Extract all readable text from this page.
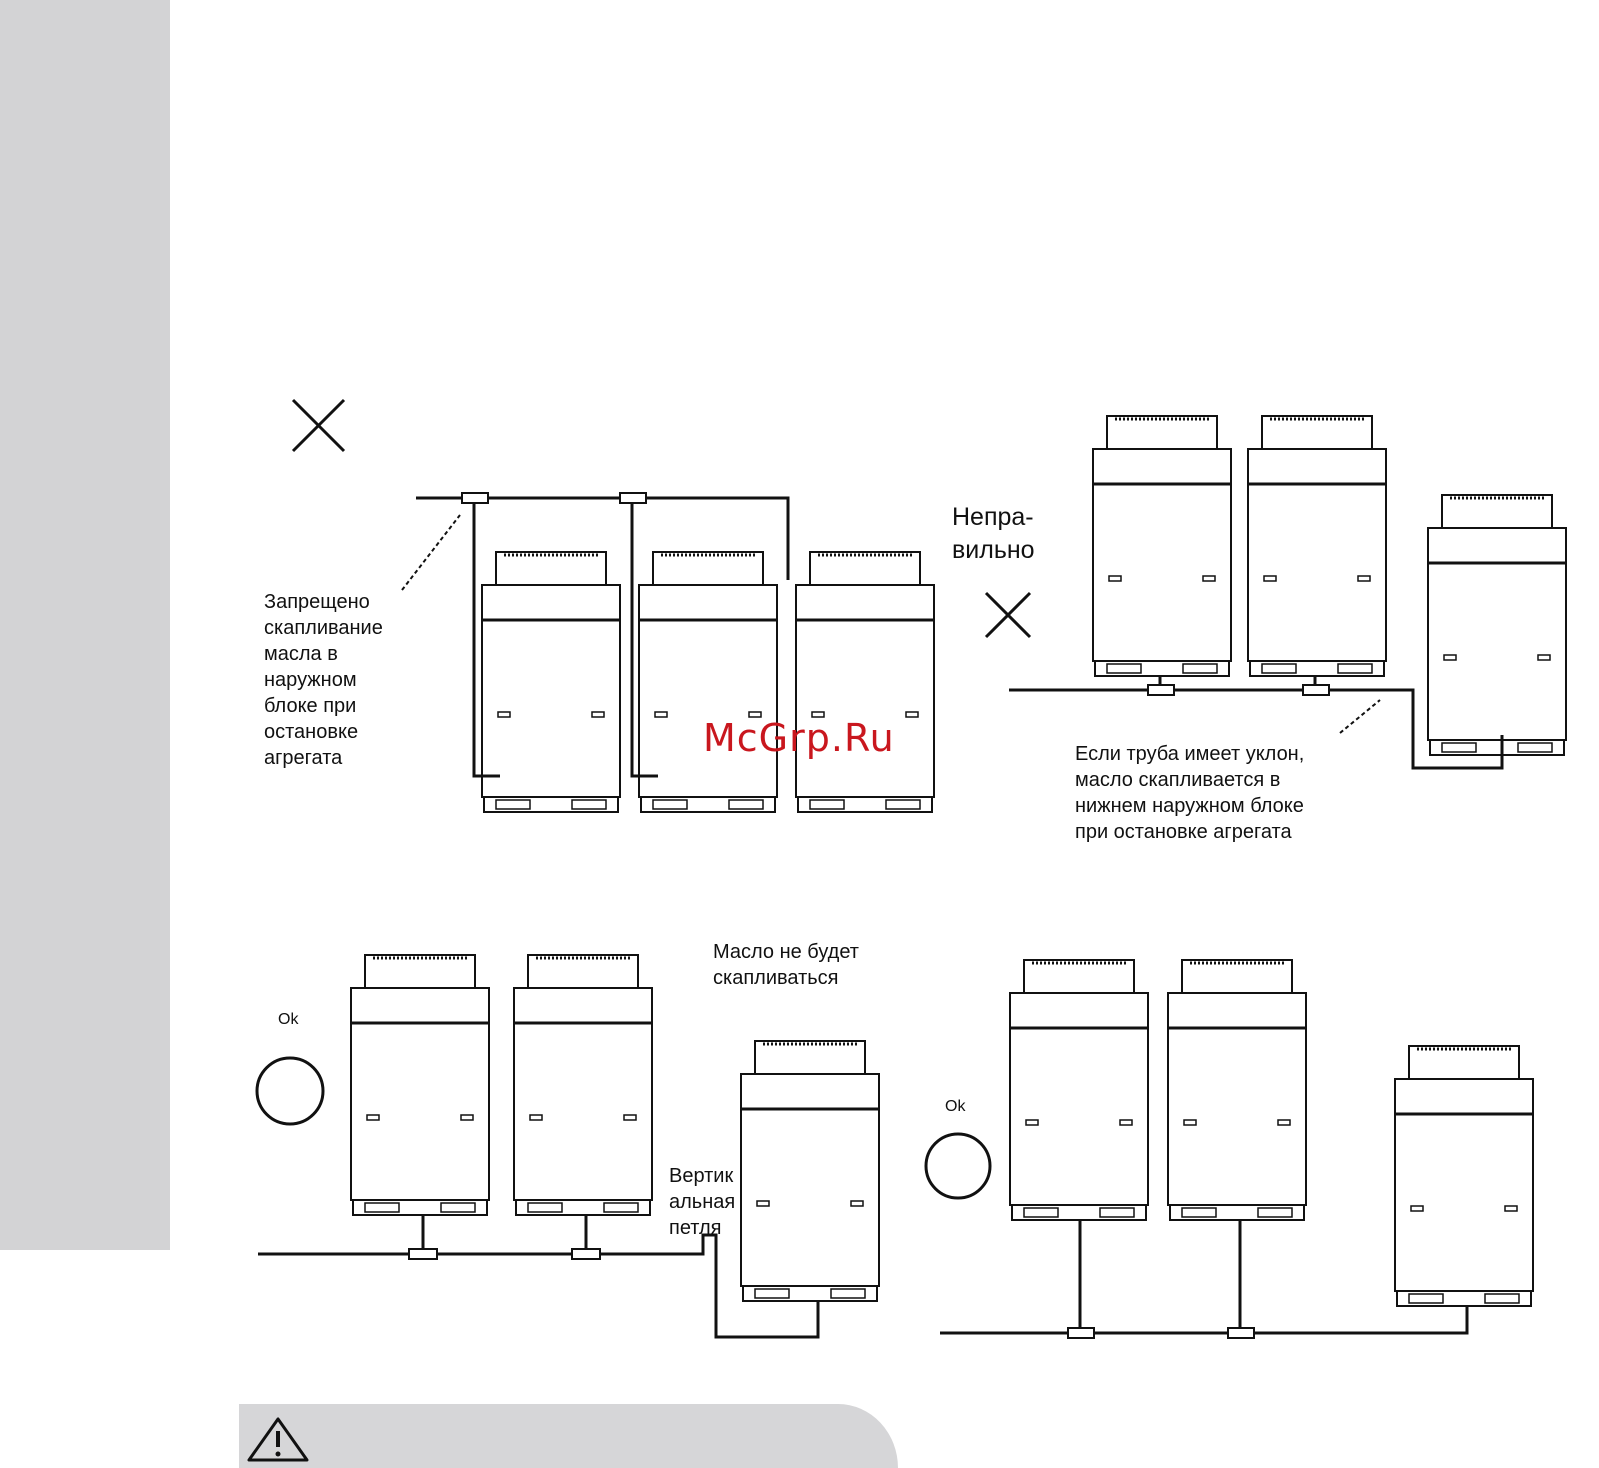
Запрещено
скапливание
масла в
наружном
блоке при
остановке
агрегата

Непра-
вильно

Если труба имеет уклон,
масло скапливается в
нижнем наружном блоке
при остановке агрегата

Масло не будет
скапливаться

Вертик
альная
петля

Ok

Ok

McGrp.Ru
